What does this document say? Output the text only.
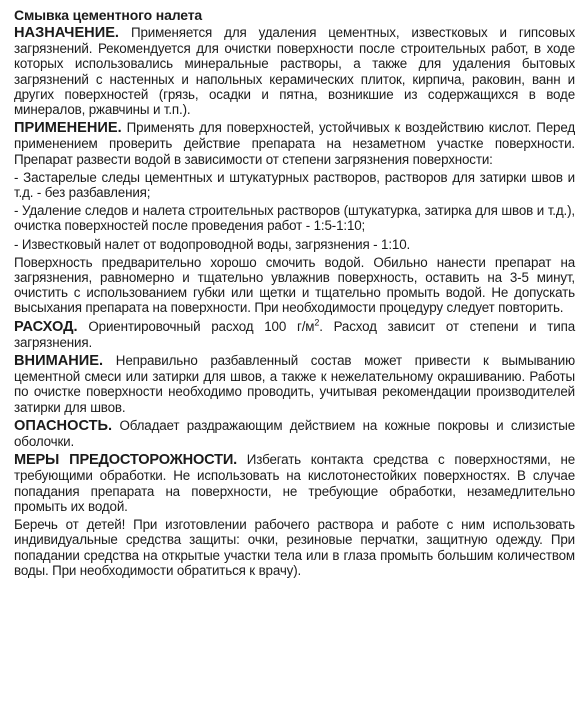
Смывка цементного налета

НАЗНАЧЕНИЕ. Применяется для удаления цементных, известковых и гипсовых загрязнений. Рекомендуется для очистки поверхности после строительных работ, в ходе которых использовались минеральные растворы, а также для удаления бытовых загрязнений с настенных и напольных керамических плиток, кирпича, раковин, ванн и других поверхностей (грязь, осадки и пятна, возникшие из содержащихся в воде минералов, ржавчины и т.п.).

ПРИМЕНЕНИЕ. Применять для поверхностей, устойчивых к воздействию кислот. Перед применением проверить действие препарата на незаметном участке поверхности. Препарат развести водой в зависимости от степени загрязнения поверхности:

- Застарелые следы цементных и штукатурных растворов, растворов для затирки швов и т.д. - без разбавления;

- Удаление следов и налета строительных растворов (штукатурка, затирка для швов и т.д.), очистка поверхностей после проведения работ - 1:5-1:10;

- Известковый налет от водопроводной воды, загрязнения - 1:10.

Поверхность предварительно хорошо смочить водой. Обильно нанести препарат на загрязнения, равномерно и тщательно увлажнив поверхность, оставить на 3-5 минут, очистить с использованием губки или щетки и тщательно промыть водой. Не допускать высыхания препарата на поверхности. При необходимости процедуру следует повторить.

РАСХОД. Ориентировочный расход 100 $г/м^2$. Расход зависит от степени и типа загрязнения.

ВНИМАНИЕ. Неправильно разбавленный состав может привести к вымыванию цементной смеси или затирки для швов, а также к нежелательному окрашиванию. Работы по очистке поверхности необходимо проводить, учитывая рекомендации производителей затирки для швов.

ОПАСНОСТЬ. Обладает раздражающим действием на кожные покровы и слизистые оболочки.

МЕРЫ ПРЕДОСТОРОЖНОСТИ. Избегать контакта средства с поверхностями, не требующими обработки. Не использовать на кислотонестойких поверхностях. В случае попадания препарата на поверхности, не требующие обработки, незамедлительно промыть их водой.

Беречь от детей! При изготовлении рабочего раствора и работе с ним использовать индивидуальные средства защиты: очки, резиновые перчатки, защитную одежду. При попадании средства на открытые участки тела или в глаза промыть большим количеством воды. При необходимости обратиться к врачу).
